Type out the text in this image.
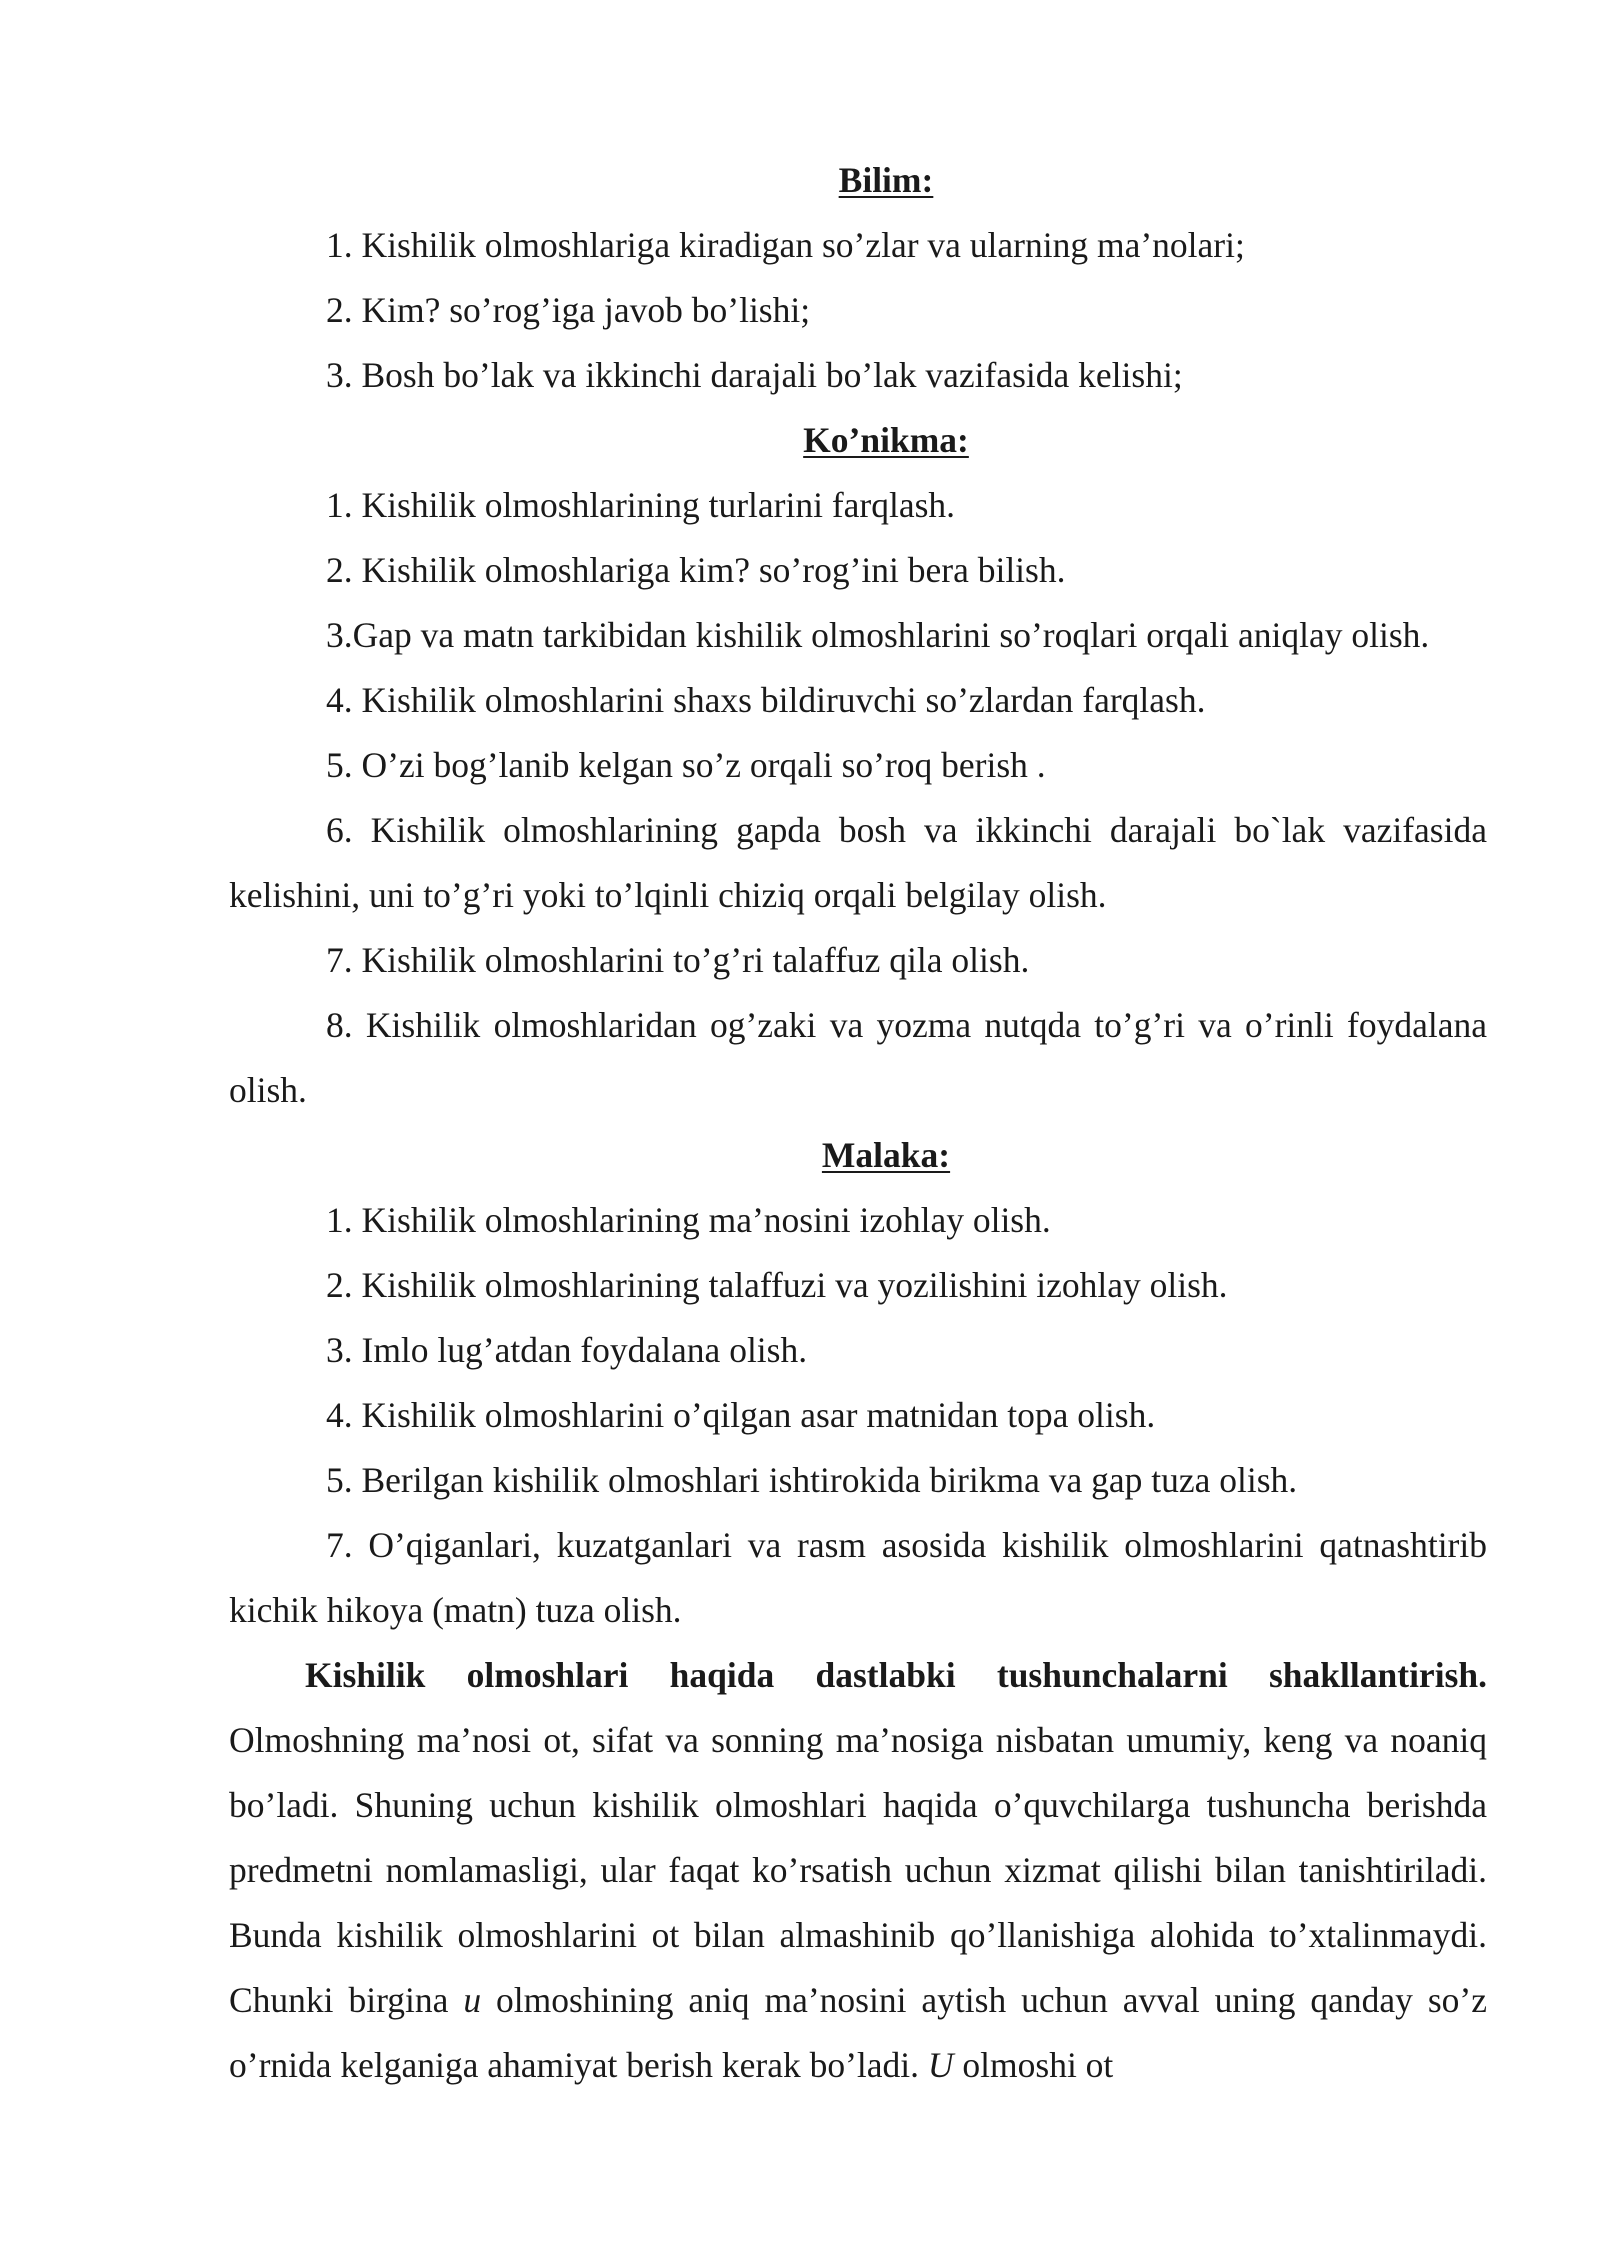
Bilim:
1. Kishilik olmoshlariga kiradigan so’zlar va ularning ma’nolari;
2. Kim? so’rog’iga javob bo’lishi;
3. Bosh bo’lak va ikkinchi darajali bo’lak vazifasida kelishi;
Ko’nikma:
1. Kishilik olmoshlarining turlarini farqlash.
2. Kishilik olmoshlariga kim? so’rog’ini bera bilish.
3.Gap va matn tarkibidan kishilik olmoshlarini so’roqlari orqali aniqlay olish.
4. Kishilik olmoshlarini shaxs bildiruvchi so’zlardan farqlash.
5. O’zi bog’lanib kelgan so’z orqali so’roq berish .
6. Kishilik olmoshlarining gapda bosh va ikkinchi darajali bo`lak vazifasida kelishini, uni to’g’ri yoki to’lqinli chiziq orqali belgilay olish.
7. Kishilik olmoshlarini to’g’ri talaffuz qila olish.
8. Kishilik olmoshlaridan og’zaki va yozma nutqda to’g’ri va o’rinli foydalana olish.
Malaka:
1. Kishilik olmoshlarining ma’nosini izohlay olish.
2. Kishilik olmoshlarining talaffuzi va yozilishini izohlay olish.
3. Imlo lug’atdan foydalana olish.
4. Kishilik olmoshlarini o’qilgan asar matnidan topa olish.
5. Berilgan kishilik olmoshlari ishtirokida birikma va gap tuza olish.
7. O’qiganlari, kuzatganlari va rasm asosida kishilik olmoshlarini qatnashtirib kichik hikoya (matn) tuza olish.
Kishilik olmoshlari haqida dastlabki tushunchalarni shakllantirish. Olmoshning ma’nosi ot, sifat va sonning ma’nosiga nisbatan umumiy, keng va noaniq bo’ladi. Shuning uchun kishilik olmoshlari haqida o’quvchilarga tushuncha berishda predmetni nomlamasligi, ular faqat ko’rsatish uchun xizmat qilishi bilan tanishtiriladi. Bunda kishilik olmoshlarini ot bilan almashinib qo’llanishiga alohida to’xtalinmaydi. Chunki birgina u olmoshining aniq ma’nosini aytish uchun avval uning qanday so’z o’rnida kelganiga ahamiyat berish kerak bo’ladi. U olmoshi ot
